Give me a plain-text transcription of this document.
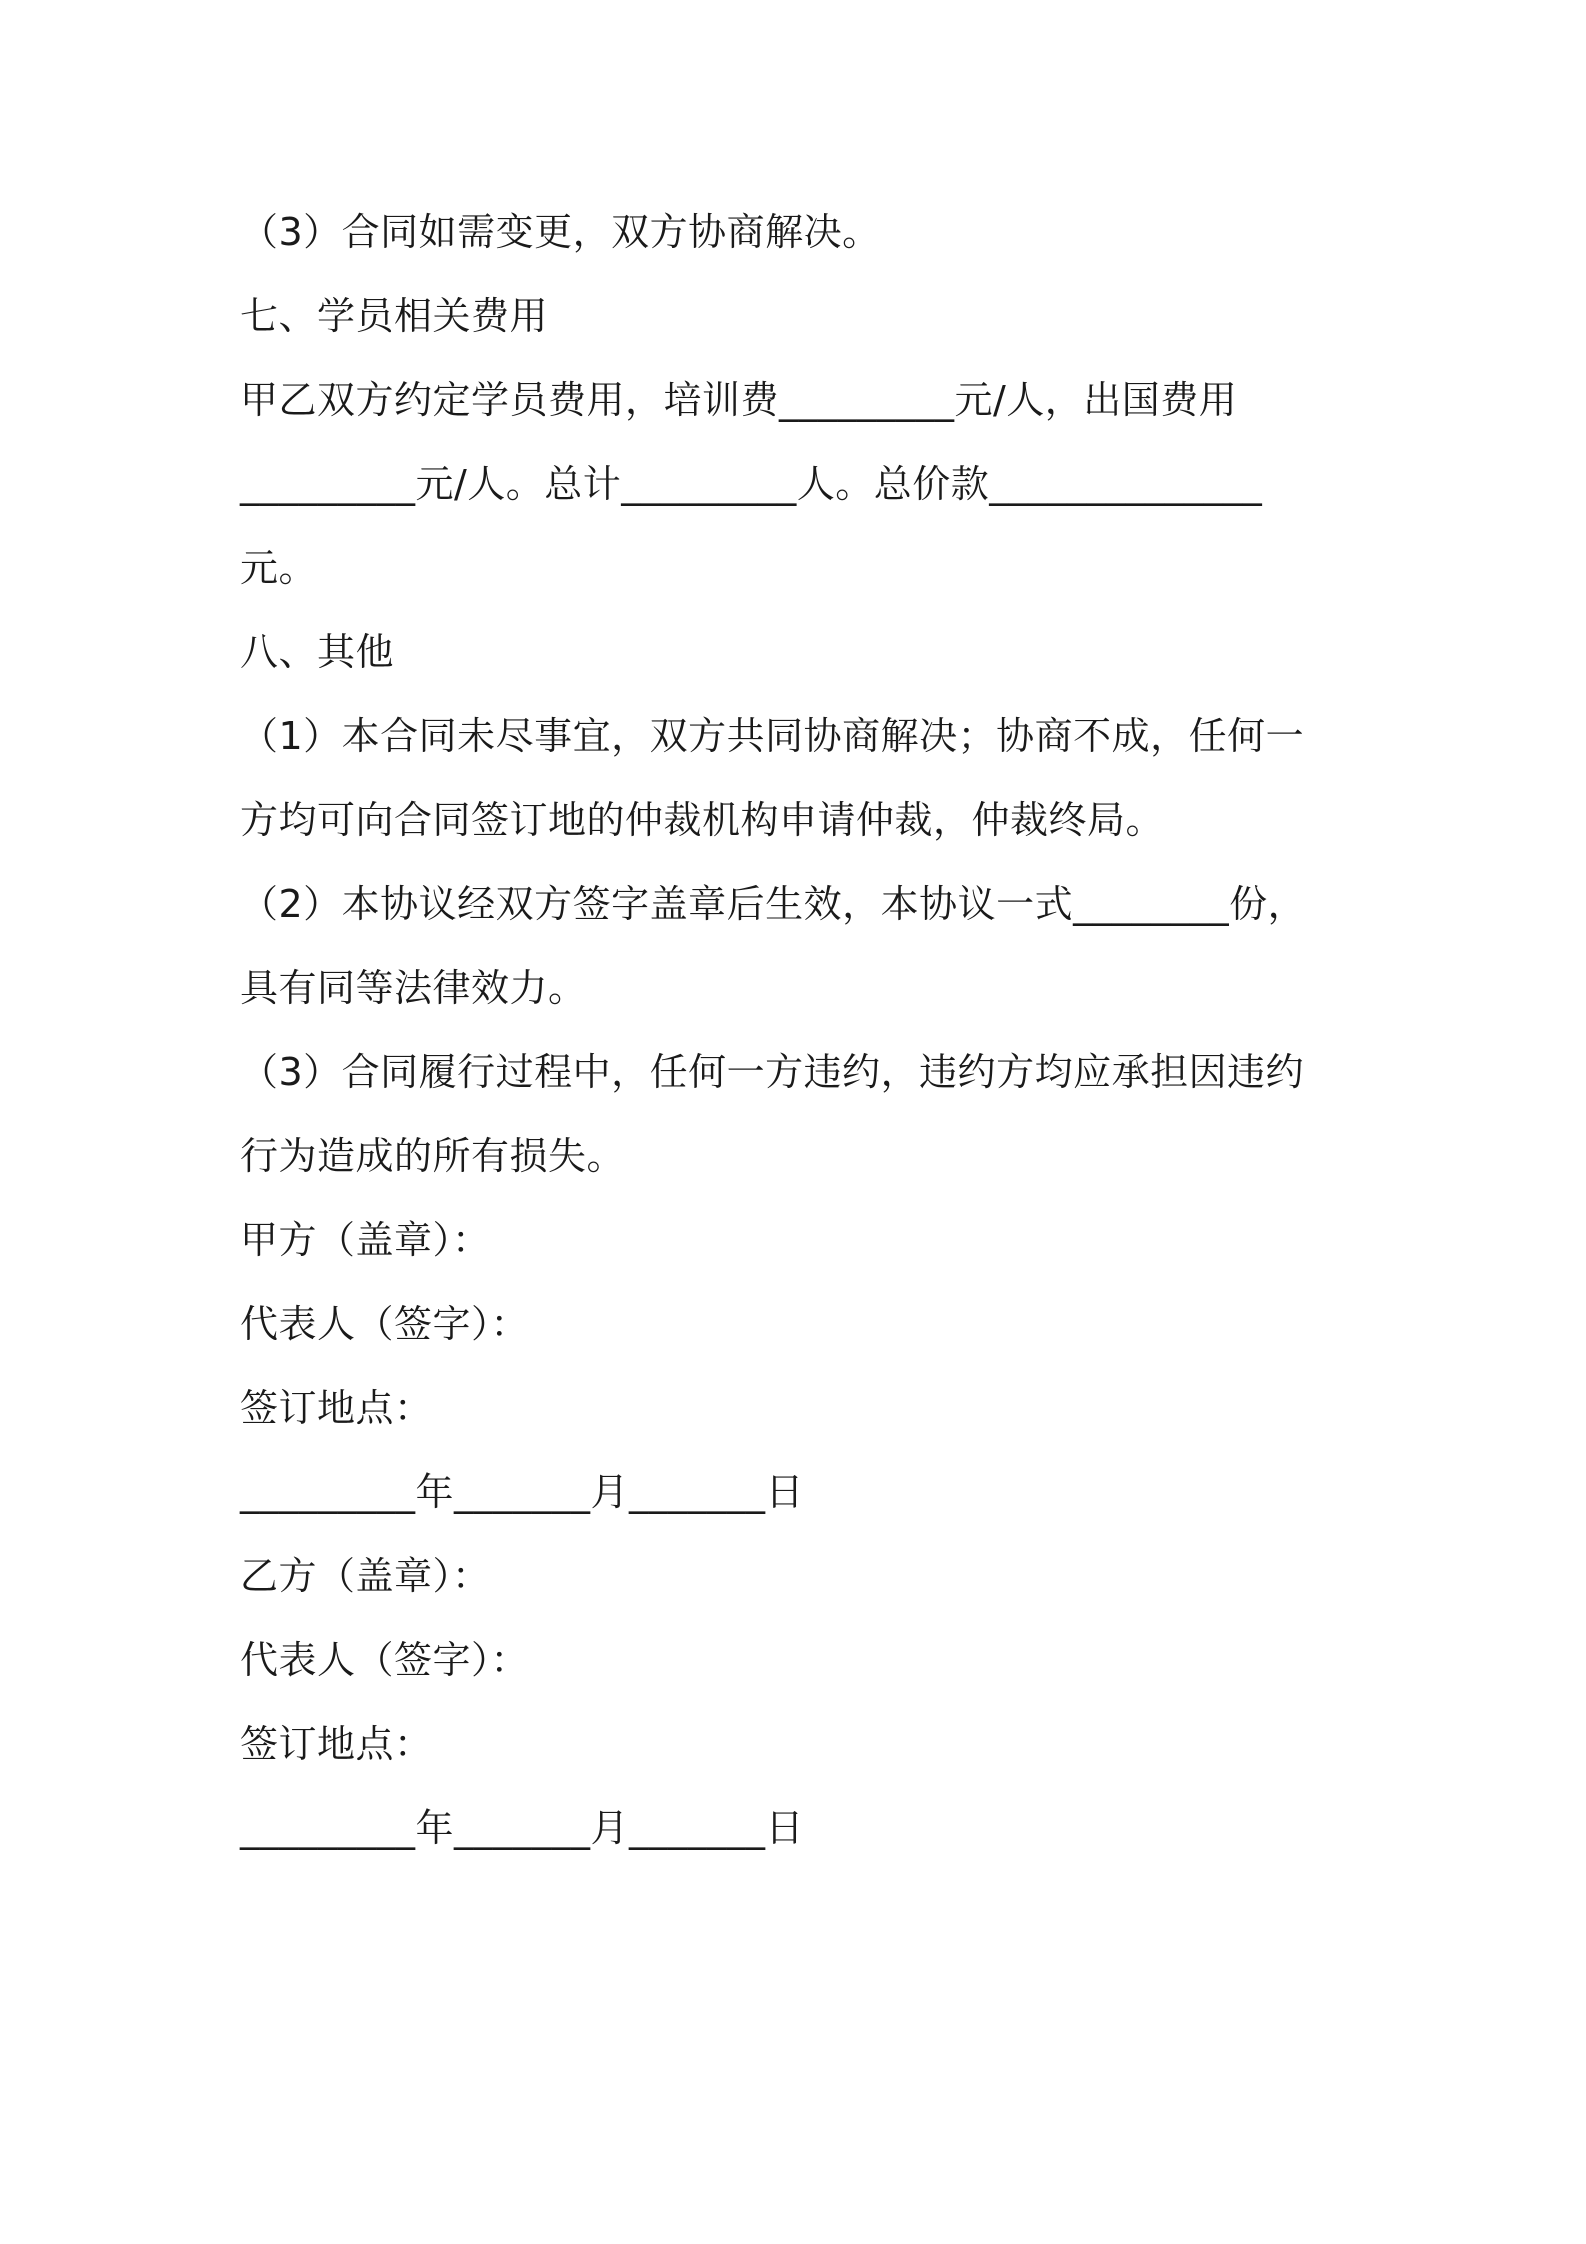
（3）合同如需变更，双方协商解决。
七、学员相关费用
甲乙双方约定学员费用，培训费_________元/人，出国费用
_________元/人。总计_________人。总价款______________
元。
八、其他
（1）本合同未尽事宜，双方共同协商解决；协商不成，任何一
方均可向合同签订地的仲裁机构申请仲裁，仲裁终局。
（2）本协议经双方签字盖章后生效，本协议一式________份，
具有同等法律效力。
（3）合同履行过程中，任何一方违约，违约方均应承担因违约
行为造成的所有损失。
甲方（盖章）：
代表人（签字）：
签订地点：
_________年_______月_______日
乙方（盖章）：
代表人（签字）：
签订地点：
_________年_______月_______日
